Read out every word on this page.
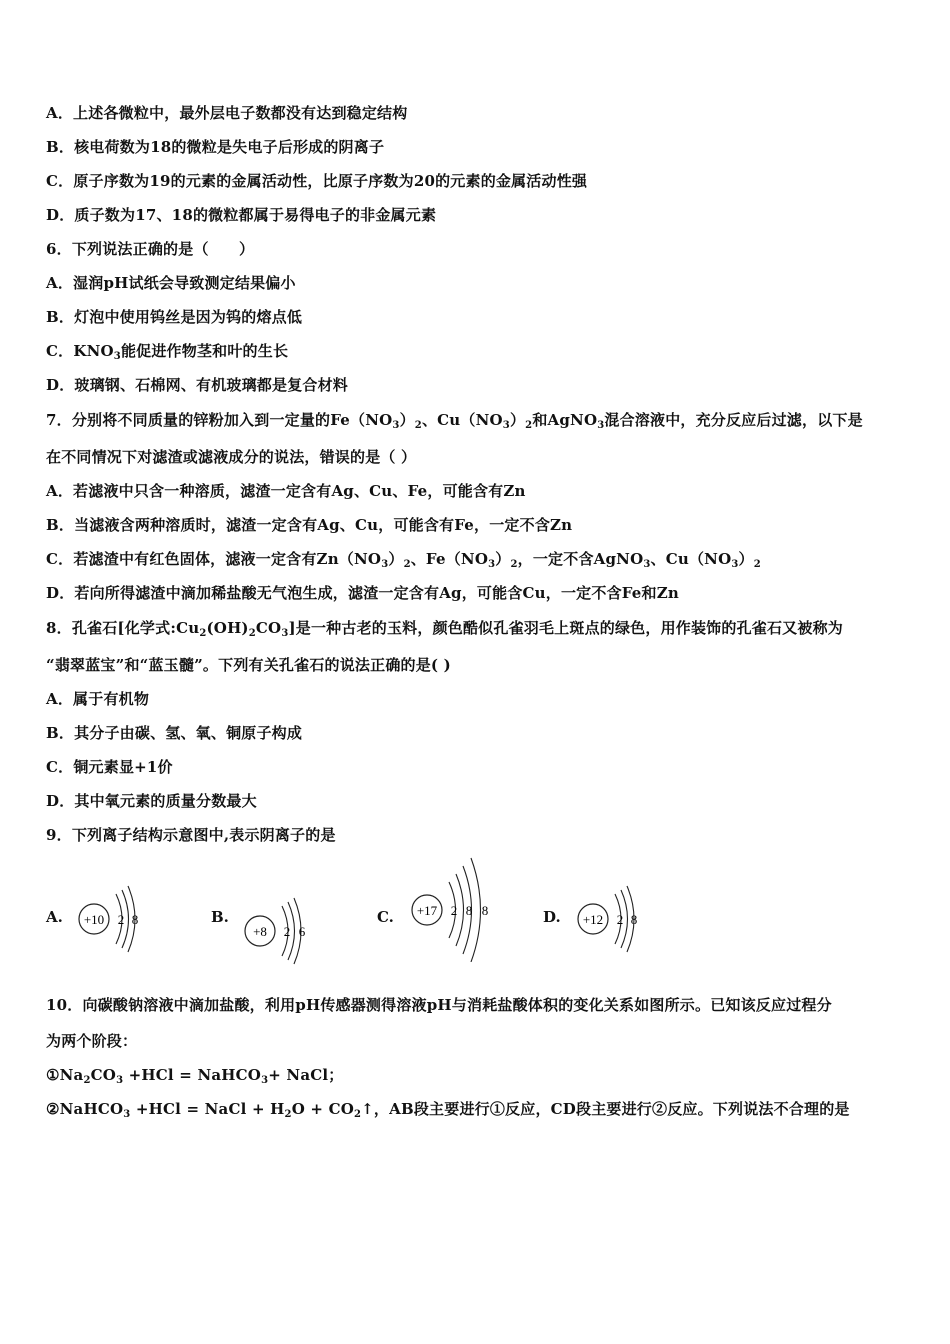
A．上述各微粒中，最外层电子数都没有达到稳定结构
B．核电荷数为18的微粒是失电子后形成的阴离子
C．原子序数为19的元素的金属活动性，比原子序数为20的元素的金属活动性强
D．质子数为17、18的微粒都属于易得电子的非金属元素
6．下列说法正确的是（　　）
A．湿润pH试纸会导致测定结果偏小
B．灯泡中使用钨丝是因为钨的熔点低
C．$KNO_3$能促进作物茎和叶的生长
D．玻璃钢、石棉网、有机玻璃都是复合材料
7．分别将不同质量的锌粉加入到一定量的$Fe(NO_3)_2$、$Cu(NO_3)_2$和AgNO$_3$混合溶液中，充分反应后过滤，以下是
在不同情况下对滤渣或滤液成分的说法，错误的是（ ）
A．若滤液中只含一种溶质，滤渣一定含有Ag、Cu、Fe，可能含有Zn
B．当滤液含两种溶质时，滤渣一定含有Ag、Cu，可能含有Fe，一定不含Zn
C．若滤渣中有红色固体，滤液一定含有$Zn(NO_3)_2$、$Fe(NO_3)_2$，一定不含AgNO$_3$、$Cu(NO_3)_2$
D．若向所得滤渣中滴加稀盐酸无气泡生成，滤渣一定含有Ag，可能含Cu，一定不含Fe和Zn
8．孔雀石[化学式$:Cu_2(OH)_2CO_3$]是一种古老的玉料，颜色酷似孔雀羽毛上斑点的绿色，用作装饰的孔雀石又被称为
“翡翠蓝宝”和“蓝玉髓”。下列有关孔雀石的说法正确的是( )
A．属于有机物
B．其分子由碳、氢、氧、铜原子构成
C．铜元素显+1价
D．其中氧元素的质量分数最大
9．下列离子结构示意图中,表示阴离子的是
A. +10 2 8	B.
+8 2 6
C. +17 2 8 8	D. +12 2 8
10．向碳酸钠溶液中滴加盐酸，利用pH传感器测得溶液pH与消耗盐酸体积的变化关系如图所示。已知该反应过程分
为两个阶段：
$①Na_2CO_3 +HCl$ = NaHCO$_3$+ NaCl；
②NaHCO$_3$ +HCl = NaCl + $H_2O$ + $CO_2↑$，AB段主要进行①反应，CD段主要进行②反应。下列说法不合理的是
